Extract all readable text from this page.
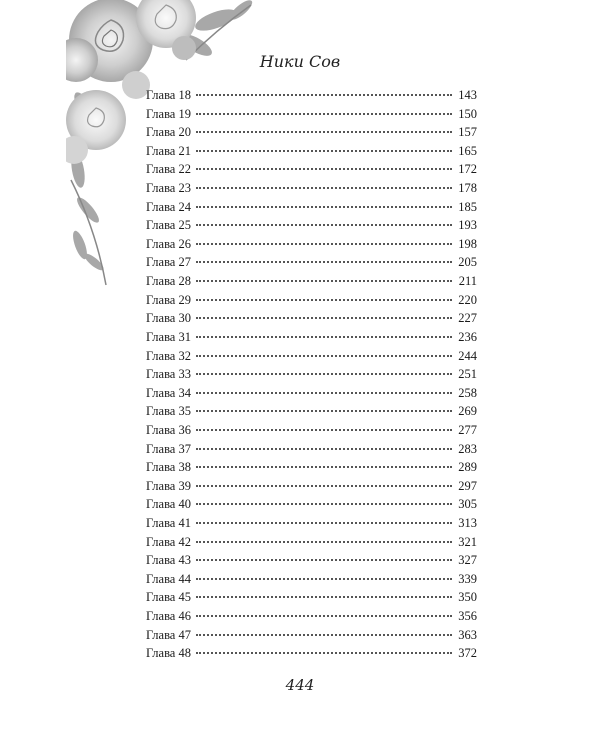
Ники Сов
Глава 18	143
Глава 19	150
Глава 20	157
Глава 21	165
Глава 22	172
Глава 23	178
Глава 24	185
Глава 25	193
Глава 26	198
Глава 27	205
Глава 28	211
Глава 29	220
Глава 30	227
Глава 31	236
Глава 32	244
Глава 33	251
Глава 34	258
Глава 35	269
Глава 36	277
Глава 37	283
Глава 38	289
Глава 39	297
Глава 40	305
Глава 41	313
Глава 42	321
Глава 43	327
Глава 44	339
Глава 45	350
Глава 46	356
Глава 47	363
Глава 48	372
444
